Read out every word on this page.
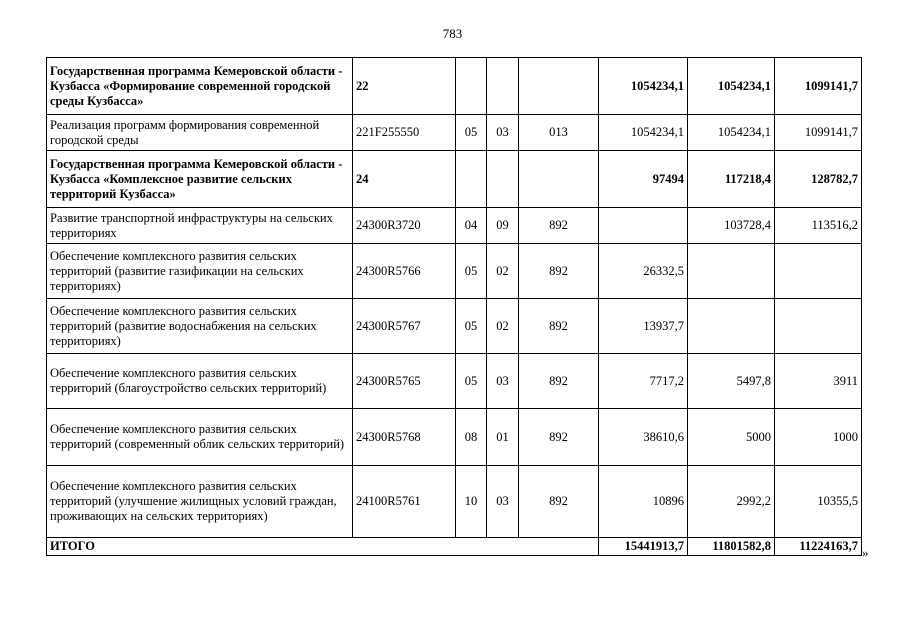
783
Государственная программа Кемеровской области - Кузбасса «Формирование современной городской среды Кузбасса»	22				1054234,1	1054234,1	1099141,7
Реализация программ формирования современной городской среды	221F255550	05	03	013	1054234,1	1054234,1	1099141,7
Государственная программа Кемеровской области - Кузбасса «Комплексное развитие сельских территорий Кузбасса»	24				97494	117218,4	128782,7
Развитие транспортной инфраструктуры на сельских территориях	24300R3720	04	09	892		103728,4	113516,2
Обеспечение комплексного развития сельских территорий (развитие газификации на сельских территориях)	24300R5766	05	02	892	26332,5		
Обеспечение комплексного развития сельских территорий (развитие водоснабжения на сельских территориях)	24300R5767	05	02	892	13937,7		
Обеспечение комплексного развития сельских территорий (благоустройство сельских территорий)	24300R5765	05	03	892	7717,2	5497,8	3911
Обеспечение комплексного развития сельских территорий (современный облик сельских территорий)	24300R5768	08	01	892	38610,6	5000	1000
Обеспечение комплексного развития сельских территорий (улучшение жилищных условий граждан, проживающих на сельских территориях)	24100R5761	10	03	892	10896	2992,2	10355,5
ИТОГО					15441913,7	11801582,8	11224163,7 »
